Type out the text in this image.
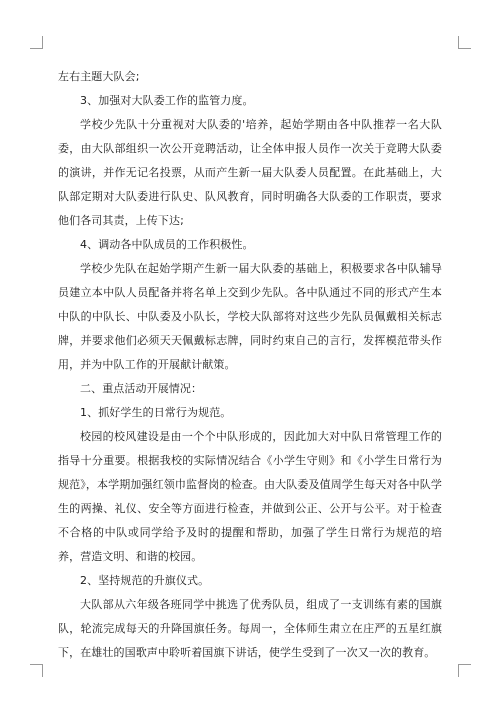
左右主题大队会;

3、加强对大队委工作的监管力度。

学校少先队十分重视对大队委的'培养，起始学期由各中队推荐一名大队委，由大队部组织一次公开竞聘活动，让全体申报人员作一次关于竞聘大队委的演讲，并作无记名投票，从而产生新一届大队委人员配置。在此基础上，大队部定期对大队委进行队史、队风教育，同时明确各大队委的工作职责，要求他们各司其责，上传下达;

4、调动各中队成员的工作积极性。

学校少先队在起始学期产生新一届大队委的基础上，积极要求各中队辅导员建立本中队人员配备并将名单上交到少先队。各中队通过不同的形式产生本中队的中队长、中队委及小队长，学校大队部将对这些少先队员佩戴相关标志牌，并要求他们必须天天佩戴标志牌，同时约束自己的言行，发挥模范带头作用，并为中队工作的开展献计献策。

二、重点活动开展情况：

1、抓好学生的日常行为规范。

校园的校风建设是由一个个中队形成的，因此加大对中队日常管理工作的指导十分重要。根据我校的实际情况结合《小学生守则》和《小学生日常行为规范》，本学期加强红领巾监督岗的检查。由大队委及值周学生每天对各中队学生的两操、礼仪、安全等方面进行检查，并做到公正、公开与公平。对于检查不合格的中队或同学给予及时的提醒和帮助，加强了学生日常行为规范的培养，营造文明、和谐的校园。

2、坚持规范的升旗仪式。

大队部从六年级各班同学中挑选了优秀队员，组成了一支训练有素的国旗队，轮流完成每天的升降国旗任务。每周一，全体师生肃立在庄严的五星红旗下，在雄壮的国歌声中聆听着国旗下讲话，使学生受到了一次又一次的教育。
